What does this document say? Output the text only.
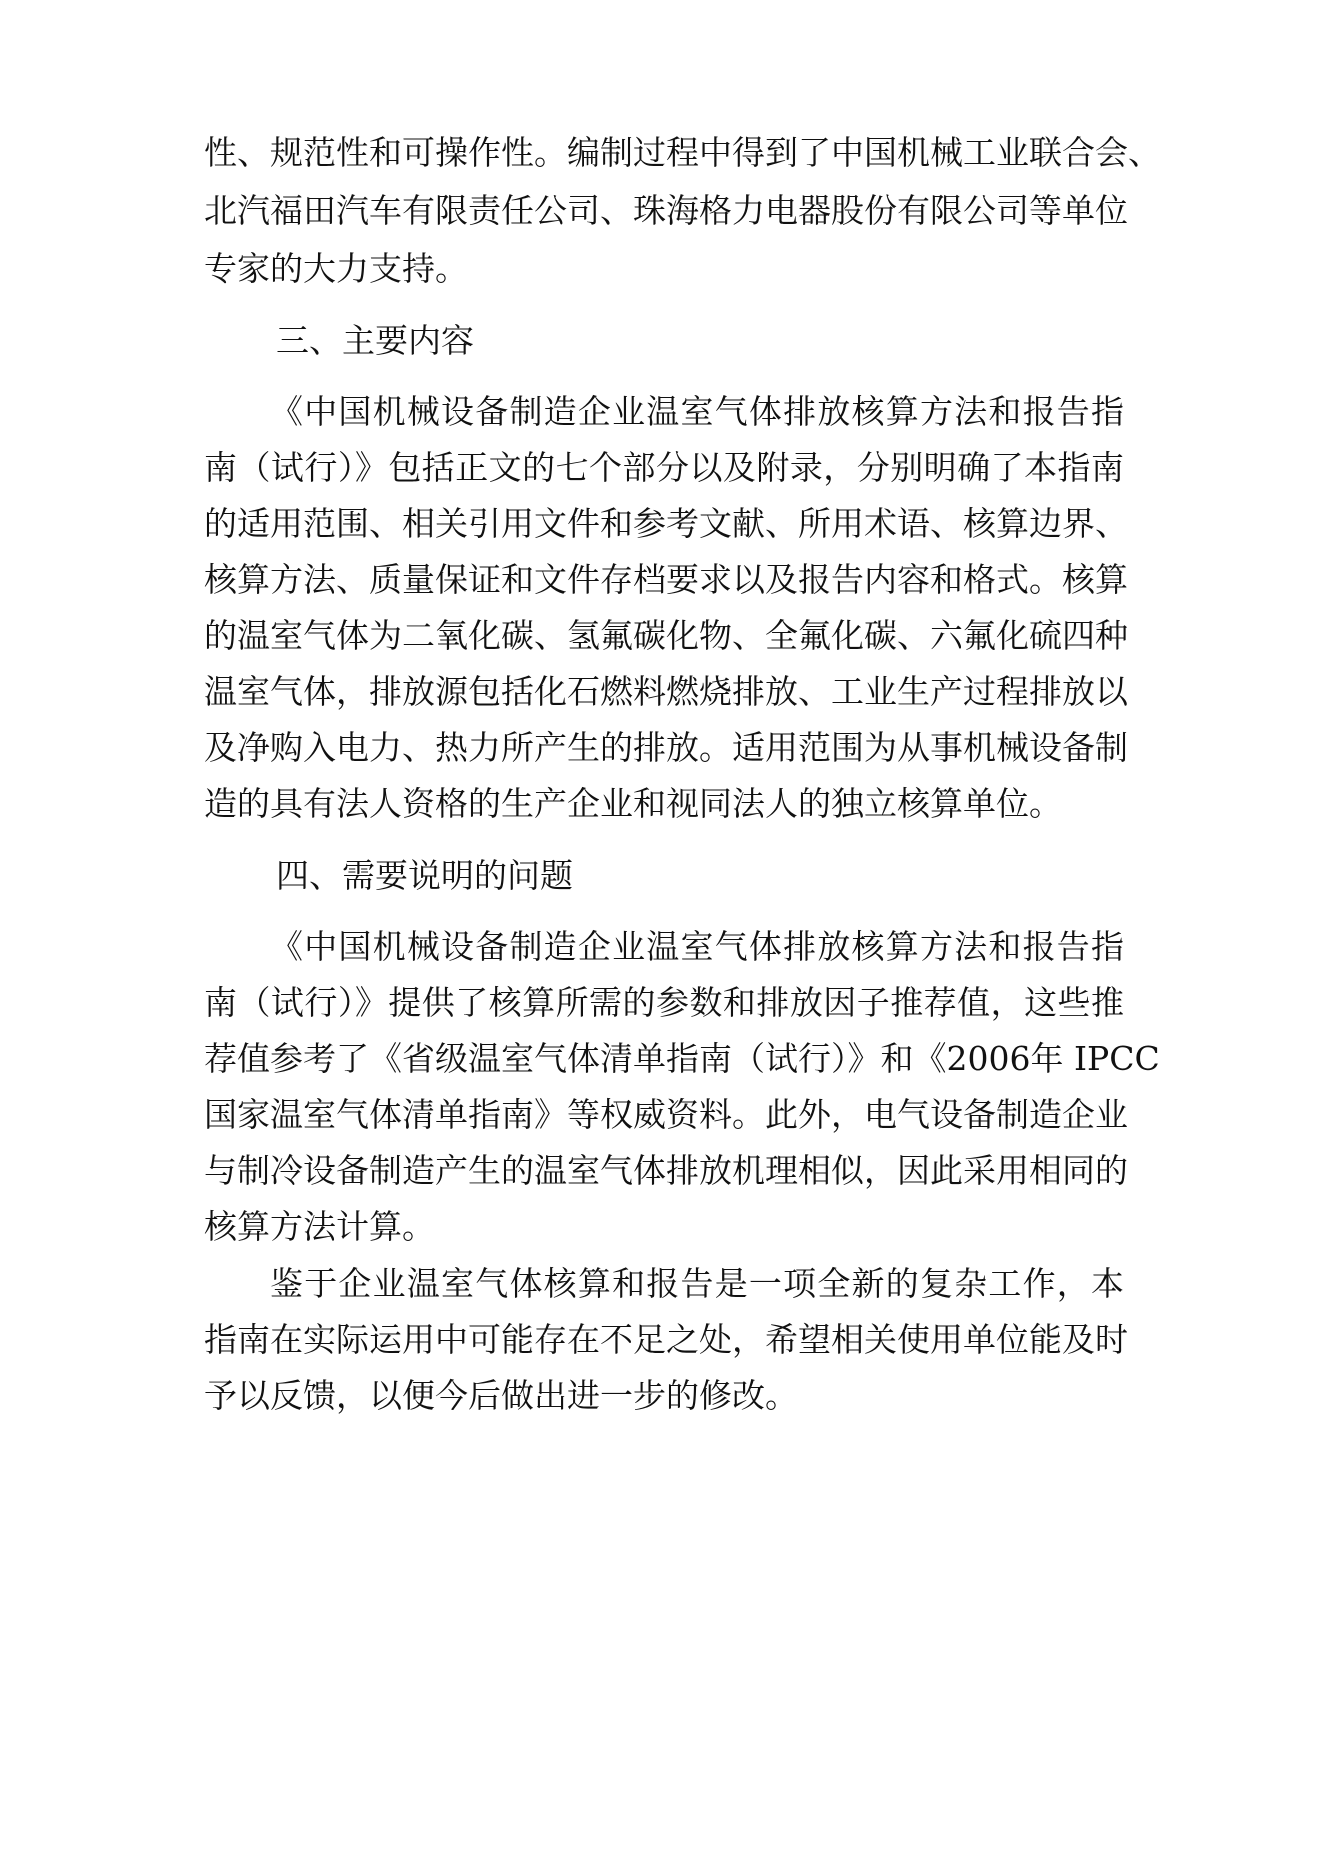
性、规范性和可操作性。编制过程中得到了中国机械工业联合会、
北汽福田汽车有限责任公司、珠海格力电器股份有限公司等单位
专家的大力支持。
三、主要内容
《中国机械设备制造企业温室气体排放核算方法和报告指
南（试行）》包括正文的七个部分以及附录，分别明确了本指南
的适用范围、相关引用文件和参考文献、所用术语、核算边界、
核算方法、质量保证和文件存档要求以及报告内容和格式。核算
的温室气体为二氧化碳、氢氟碳化物、全氟化碳、六氟化硫四种
温室气体，排放源包括化石燃料燃烧排放、工业生产过程排放以
及净购入电力、热力所产生的排放。适用范围为从事机械设备制
造的具有法人资格的生产企业和视同法人的独立核算单位。
四、需要说明的问题
《中国机械设备制造企业温室气体排放核算方法和报告指
南（试行）》提供了核算所需的参数和排放因子推荐值，这些推
荐值参考了《省级温室气体清单指南（试行）》和《2006年 IPCC
国家温室气体清单指南》等权威资料。此外，电气设备制造企业
与制冷设备制造产生的温室气体排放机理相似，因此采用相同的
核算方法计算。
鉴于企业温室气体核算和报告是一项全新的复杂工作，本
指南在实际运用中可能存在不足之处，希望相关使用单位能及时
予以反馈，以便今后做出进一步的修改。
